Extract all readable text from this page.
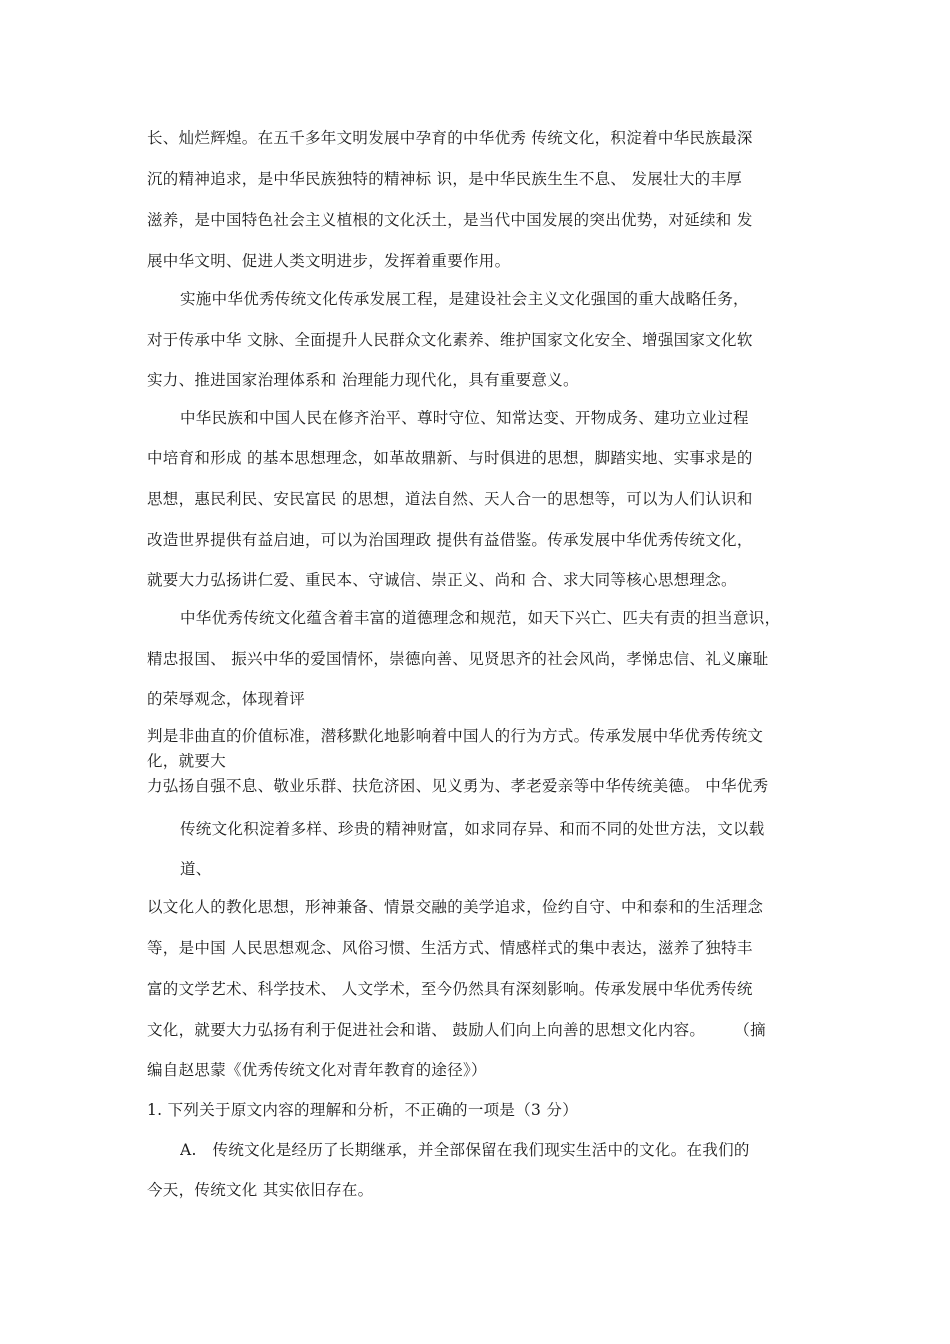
长、灿烂辉煌。在五千多年文明发展中孕育的中华优秀 传统文化，积淀着中华民族最深
沉的精神追求，是中华民族独特的精神标 识，是中华民族生生不息、 发展壮大的丰厚
滋养，是中国特色社会主义植根的文化沃土，是当代中国发展的突出优势，对延续和 发
展中华文明、促进人类文明进步，发挥着重要作用。
实施中华优秀传统文化传承发展工程，是建设社会主义文化强国的重大战略任务，
对于传承中华 文脉、全面提升人民群众文化素养、维护国家文化安全、增强国家文化软
实力、推进国家治理体系和 治理能力现代化，具有重要意义。
中华民族和中国人民在修齐治平、尊时守位、知常达变、开物成务、建功立业过程
中培育和形成 的基本思想理念，如革故鼎新、与时俱进的思想，脚踏实地、实事求是的
思想，惠民利民、安民富民 的思想，道法自然、天人合一的思想等，可以为人们认识和
改造世界提供有益启迪，可以为治国理政 提供有益借鉴。传承发展中华优秀传统文化，
就要大力弘扬讲仁爱、重民本、守诚信、崇正义、尚和 合、求大同等核心思想理念。
中华优秀传统文化蕴含着丰富的道德理念和规范，如天下兴亡、匹夫有责的担当意识，
精忠报国、 振兴中华的爱国情怀，崇德向善、见贤思齐的社会风尚，孝悌忠信、礼义廉耻
的荣辱观念，体现着评
判是非曲直的价值标准，潜移默化地影响着中国人的行为方式。传承发展中华优秀传统文
化，就要大
力弘扬自强不息、敬业乐群、扶危济困、见义勇为、孝老爱亲等中华传统美德。 中华优秀
传统文化积淀着多样、珍贵的精神财富，如求同存异、和而不同的处世方法，文以载
道、
以文化人的教化思想，形神兼备、情景交融的美学追求，俭约自守、中和泰和的生活理念
等，是中国 人民思想观念、风俗习惯、生活方式、情感样式的集中表达，滋养了独特丰
富的文学艺术、科学技术、 人文学术，至今仍然具有深刻影响。传承发展中华优秀传统
文化，就要大力弘扬有利于促进社会和谐、 鼓励人们向上向善的思想文化内容。　　 （摘
编自赵思蒙《优秀传统文化对青年教育的途径》）
1. 下列关于原文内容的理解和分析，不正确的一项是（3 分）
A.　传统文化是经历了长期继承，并全部保留在我们现实生活中的文化。在我们的
今天，传统文化 其实依旧存在。
